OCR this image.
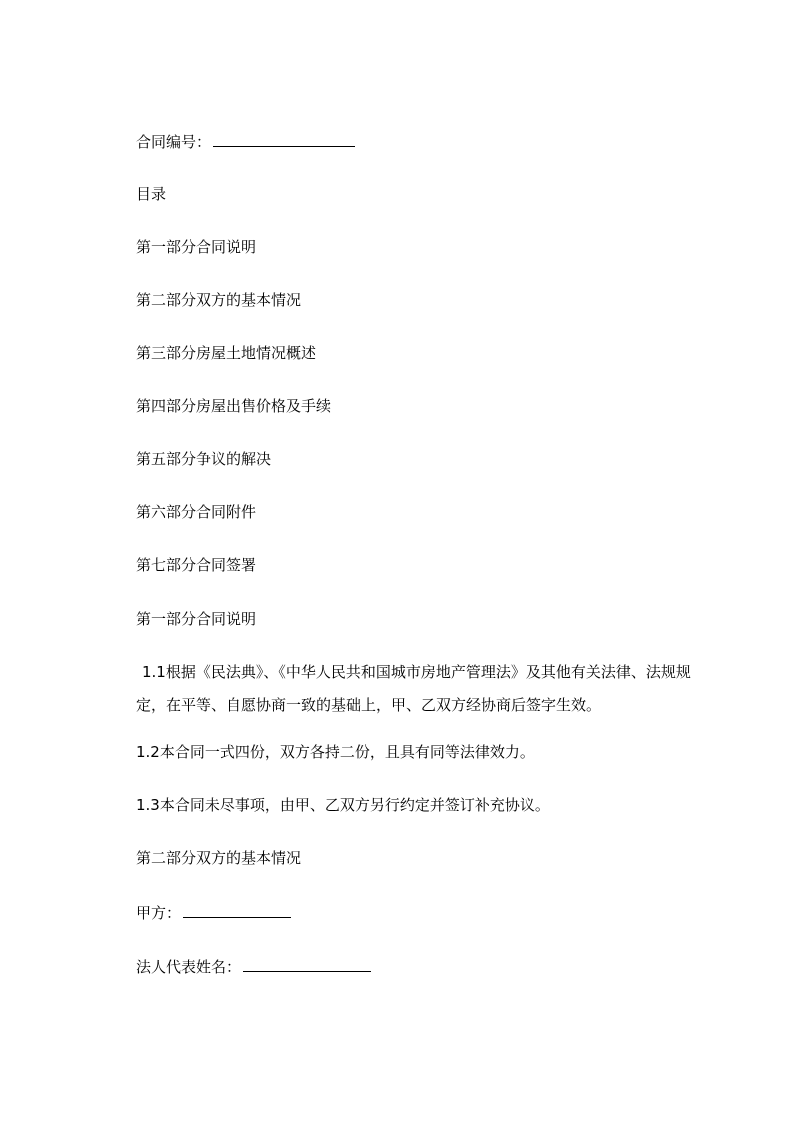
合同编号：
目录
第一部分合同说明
第二部分双方的基本情况
第三部分房屋土地情况概述
第四部分房屋出售价格及手续
第五部分争议的解决
第六部分合同附件
第七部分合同签署
第一部分合同说明
1.1根据《民法典》、《中华人民共和国城市房地产管理法》及其他有关法律、法规规定，在平等、自愿协商一致的基础上，甲、乙双方经协商后签字生效。
1.2本合同一式四份，双方各持二份，且具有同等法律效力。
1.3本合同未尽事项，由甲、乙双方另行约定并签订补充协议。
第二部分双方的基本情况
甲方：
法人代表姓名：
